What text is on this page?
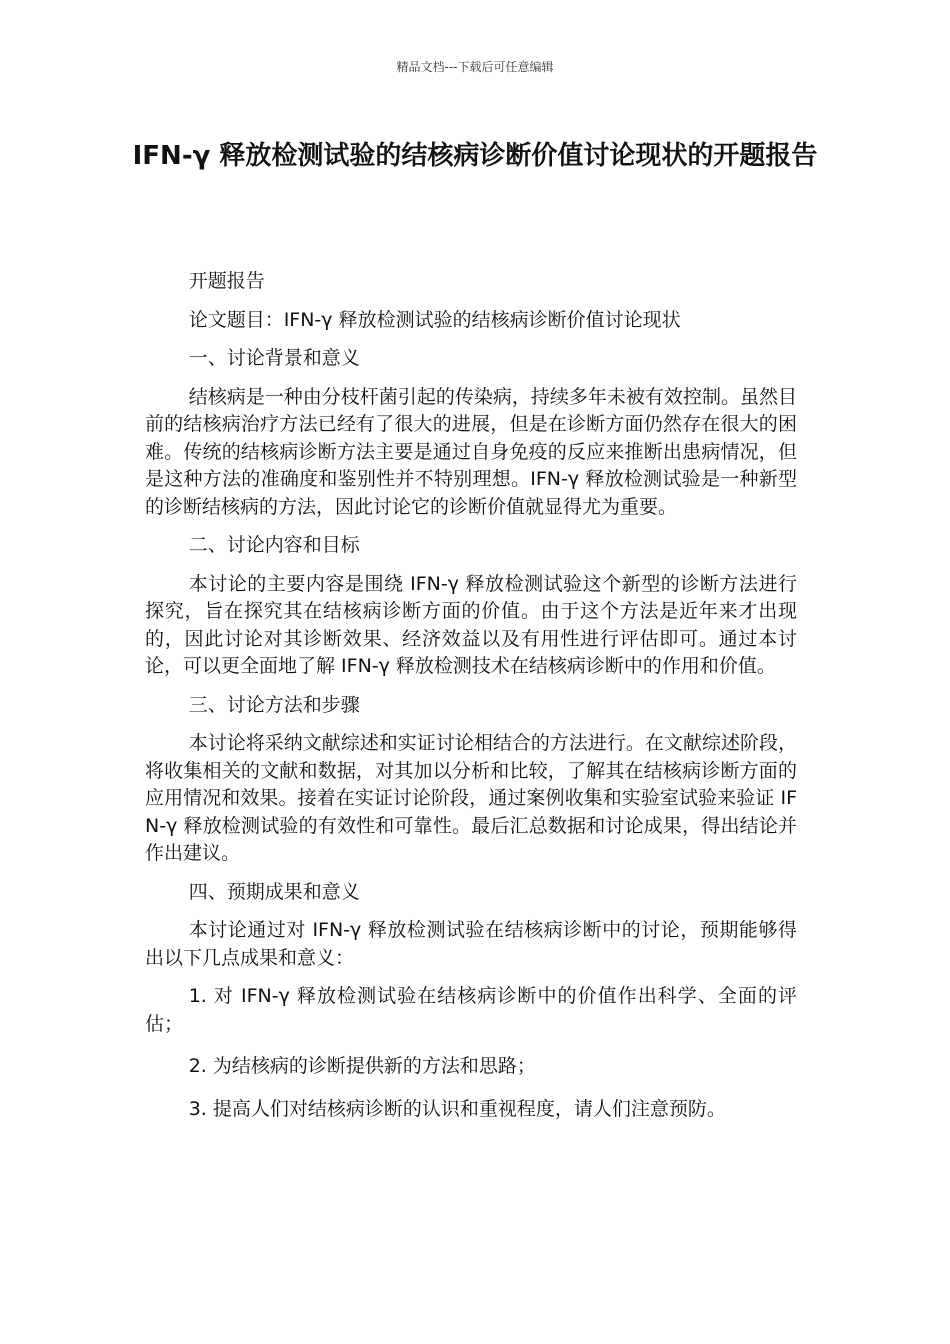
精品文档---下载后可任意编辑
IFN-γ 释放检测试验的结核病诊断价值讨论现状的开题报告

开题报告

论文题目：IFN-γ 释放检测试验的结核病诊断价值讨论现状

一、讨论背景和意义

结核病是一种由分枝杆菌引起的传染病，持续多年未被有效控制。虽然目前的结核病治疗方法已经有了很大的进展，但是在诊断方面仍然存在很大的困难。传统的结核病诊断方法主要是通过自身免疫的反应来推断出患病情况，但是这种方法的准确度和鉴别性并不特别理想。IFN-γ 释放检测试验是一种新型的诊断结核病的方法，因此讨论它的诊断价值就显得尤为重要。

二、讨论内容和目标

本讨论的主要内容是围绕 IFN-γ 释放检测试验这个新型的诊断方法进行探究，旨在探究其在结核病诊断方面的价值。由于这个方法是近年来才出现的，因此讨论对其诊断效果、经济效益以及有用性进行评估即可。通过本讨论，可以更全面地了解 IFN-γ 释放检测技术在结核病诊断中的作用和价值。

三、讨论方法和步骤

本讨论将采纳文献综述和实证讨论相结合的方法进行。在文献综述阶段，将收集相关的文献和数据，对其加以分析和比较，了解其在结核病诊断方面的应用情况和效果。接着在实证讨论阶段，通过案例收集和实验室试验来验证 IFN-γ 释放检测试验的有效性和可靠性。最后汇总数据和讨论成果，得出结论并作出建议。

四、预期成果和意义

本讨论通过对 IFN-γ 释放检测试验在结核病诊断中的讨论，预期能够得出以下几点成果和意义：

1. 对 IFN-γ 释放检测试验在结核病诊断中的价值作出科学、全面的评估；

2. 为结核病的诊断提供新的方法和思路；

3. 提高人们对结核病诊断的认识和重视程度，请人们注意预防。
